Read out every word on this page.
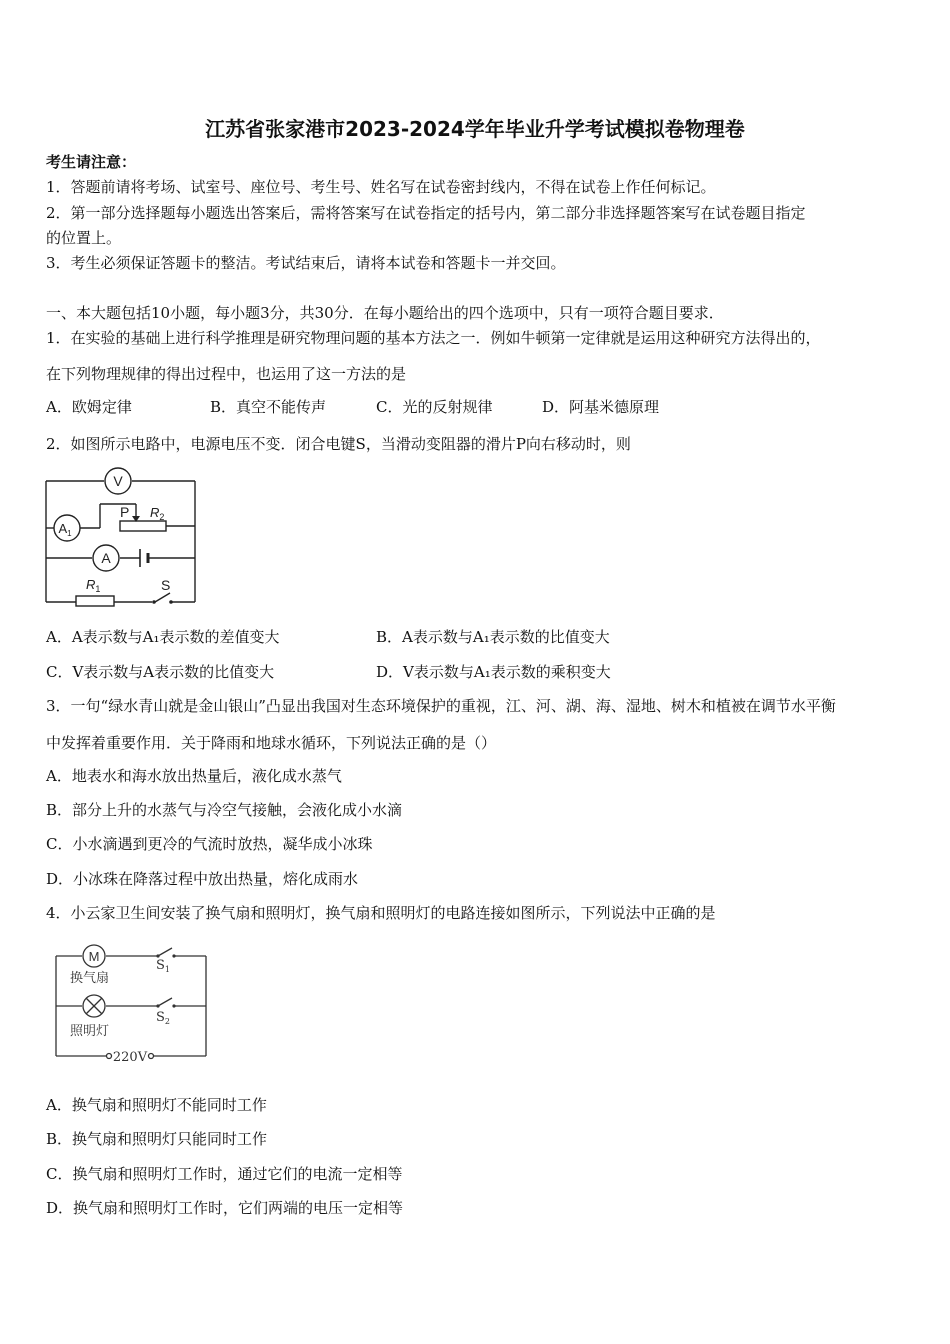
江苏省张家港市2023-2024学年毕业升学考试模拟卷物理卷
考生请注意：
1．答题前请将考场、试室号、座位号、考生号、姓名写在试卷密封线内，不得在试卷上作任何标记。
2．第一部分选择题每小题选出答案后，需将答案写在试卷指定的括号内，第二部分非选择题答案写在试卷题目指定
的位置上。
3．考生必须保证答题卡的整洁。考试结束后，请将本试卷和答题卡一并交回。
一、本大题包括10小题，每小题3分，共30分．在每小题给出的四个选项中，只有一项符合题目要求．
1．在实验的基础上进行科学推理是研究物理问题的基本方法之一．例如牛顿第一定律就是运用这种研究方法得出的，
在下列物理规律的得出过程中，也运用了这一方法的是
A．欧姆定律	B．真空不能传声	C．光的反射规律	D．阿基米德原理
2．如图所示电路中，电源电压不变．闭合电键S，当滑动变阻器的滑片P向右移动时，则
V
$A_1$
A
P $R_2$
$R_1$	S
A．A表示数与A₁表示数的差值变大	B．A表示数与A₁表示数的比值变大
C．V表示数与A表示数的比值变大	D．V表示数与A₁表示数的乘积变大
3．一句“绿水青山就是金山银山”凸显出我国对生态环境保护的重视，江、河、湖、海、湿地、树木和植被在调节水平衡
中发挥着重要作用．关于降雨和地球水循环，下列说法正确的是（）
A．地表水和海水放出热量后，液化成水蒸气
B．部分上升的水蒸气与冷空气接触，会液化成小水滴
C．小水滴遇到更冷的气流时放热，凝华成小冰珠
D．小冰珠在降落过程中放出热量，熔化成雨水
4．小云家卫生间安装了换气扇和照明灯，换气扇和照明灯的电路连接如图所示，下列说法中正确的是
M
换气扇
照明灯
$S_1$
$S_2$
220V
A．换气扇和照明灯不能同时工作
B．换气扇和照明灯只能同时工作
C．换气扇和照明灯工作时，通过它们的电流一定相等
D．换气扇和照明灯工作时，它们两端的电压一定相等
